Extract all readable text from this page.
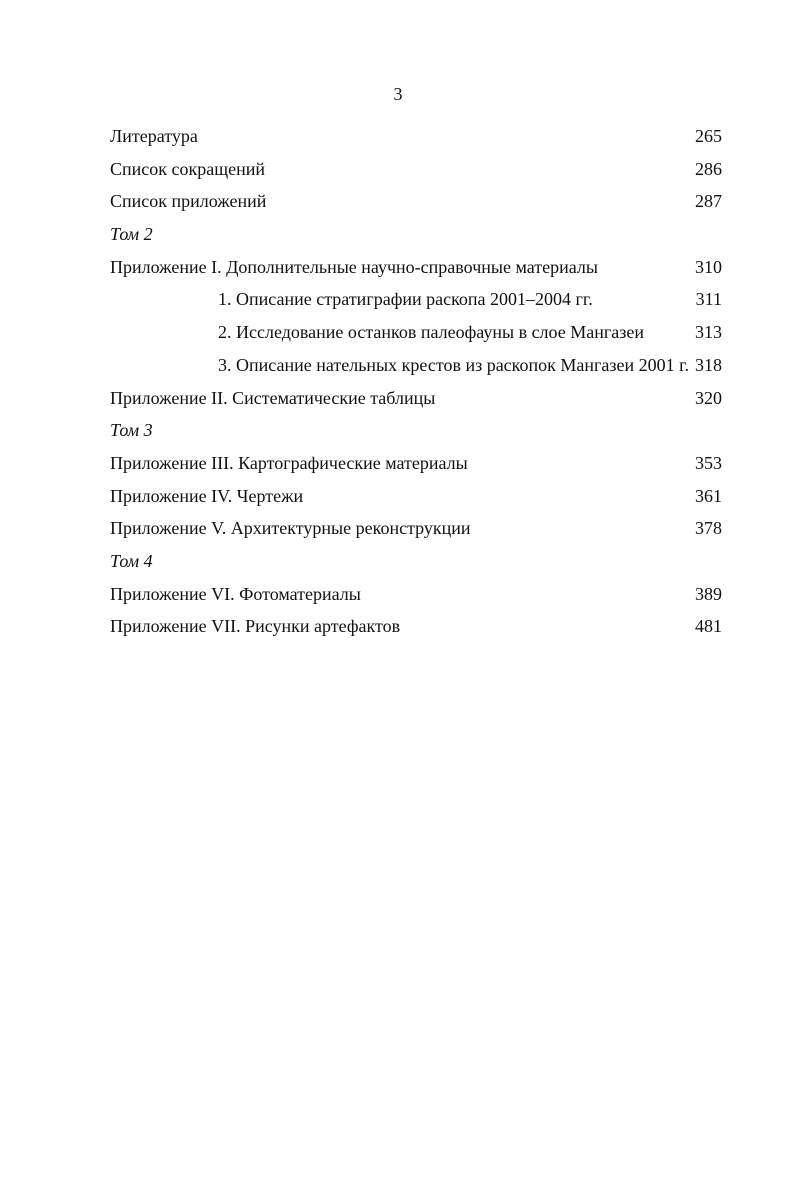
3
Литература	265
Список сокращений	286
Список приложений	287
Том 2
Приложение I. Дополнительные научно-справочные материалы	310
1. Описание стратиграфии раскопа 2001–2004 гг.	311
2. Исследование останков палеофауны в слое Мангазеи	313
3. Описание нательных крестов из раскопок Мангазеи 2001 г. 318
Приложение II. Систематические таблицы	320
Том 3
Приложение III. Картографические материалы	353
Приложение IV. Чертежи	361
Приложение V. Архитектурные реконструкции	378
Том 4
Приложение VI. Фотоматериалы	389
Приложение VII. Рисунки артефактов	481
